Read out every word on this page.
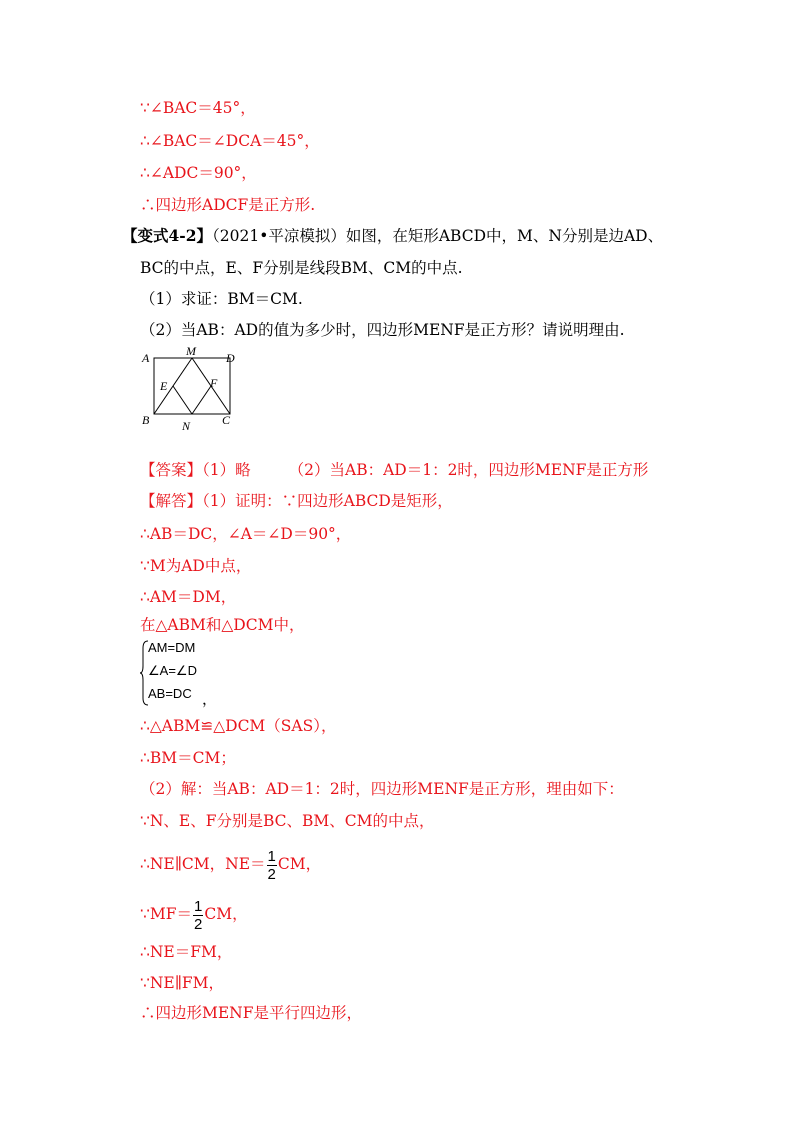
∵∠BAC＝45°，
∴∠BAC＝∠DCA＝45°，
∴∠ADC＝90°，
∴四边形ADCF是正方形.
【变式4-2】（2021•平凉模拟）如图，在矩形ABCD中，M、N分别是边AD、
BC的中点，E、F分别是线段BM、CM的中点.
（1）求证：BM＝CM.
（2）当AB：AD的值为多少时，四边形MENF是正方形？请说明理由.
A	M	D
E	F
B	N	C
【答案】（1）略 （2）当AB：AD＝1：2时，四边形MENF是正方形
【解答】（1）证明：∵四边形ABCD是矩形，
∴AB＝DC，∠A＝∠D＝90°，
∵M为AD中点，
∴AM＝DM，
在△ABM和△DCM中，
AM=DM
∠A=∠D
AB=DC ，
∴△ABM≌△DCM（SAS），
∴BM＝CM；
（2）解：当AB：AD＝1：2时，四边形MENF是正方形，理由如下：
∵N、E、F分别是BC、BM、CM的中点，
∴NE∥CM，$NE= \frac{1}{2}$ CM，
∵MF＝ $\frac{1}{2}$ CM，
∴NE＝FM，
∵NE∥FM，
∴四边形MENF是平行四边形，
